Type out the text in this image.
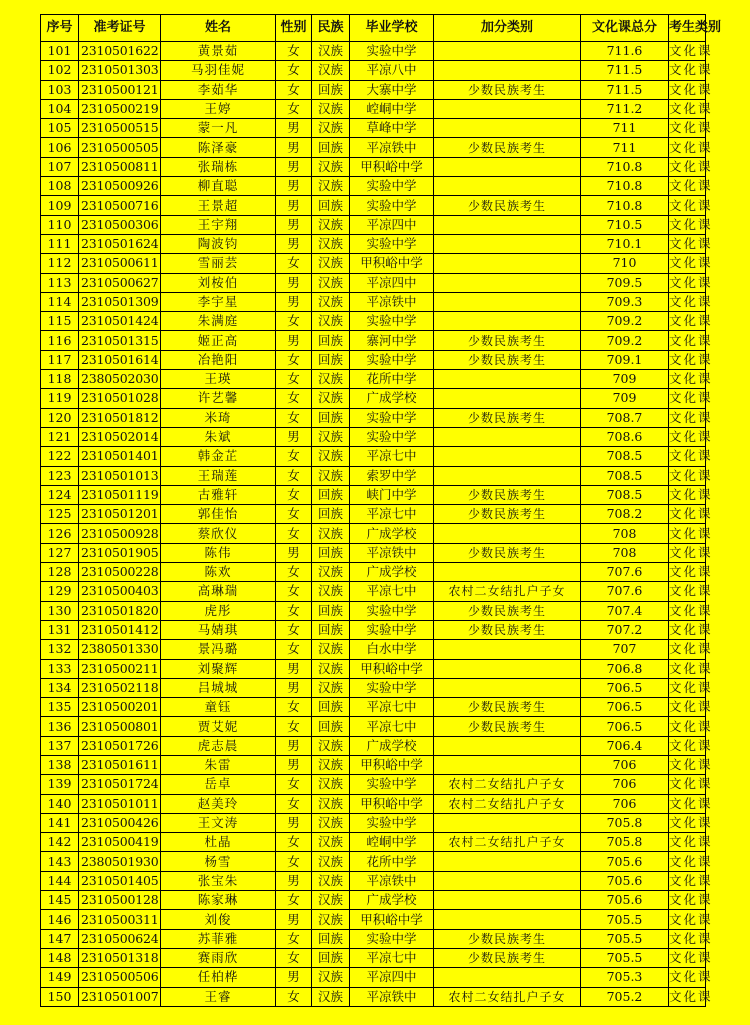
序号	准考证号	姓名	性别	民族	毕业学校	加分类别	文化课总分	考生类别
101	2310501622	黄景茹	女	汉族	实验中学		711.6	文化课
102	2310501303	马羽佳妮	女	汉族	平凉八中		711.5	文化课
103	2310500121	李茹华	女	回族	大寨中学	少数民族考生	711.5	文化课
104	2310500219	王婷	女	汉族	崆峒中学		711.2	文化课
105	2310500515	蒙一凡	男	汉族	草峰中学		711	文化课
106	2310500505	陈泽豪	男	回族	平凉铁中	少数民族考生	711	文化课
107	2310500811	张瑞栋	男	汉族	甲积峪中学		710.8	文化课
108	2310500926	柳直聪	男	汉族	实验中学		710.8	文化课
109	2310500716	王景超	男	回族	实验中学	少数民族考生	710.8	文化课
110	2310500306	王宇翔	男	汉族	平凉四中		710.5	文化课
111	2310501624	陶波钧	男	汉族	实验中学		710.1	文化课
112	2310500611	雪丽芸	女	汉族	甲积峪中学		710	文化课
113	2310500627	刘桉伯	男	汉族	平凉四中		709.5	文化课
114	2310501309	李宇星	男	汉族	平凉铁中		709.3	文化课
115	2310501424	朱满庭	女	汉族	实验中学		709.2	文化课
116	2310501315	姬正高	男	回族	寨河中学	少数民族考生	709.2	文化课
117	2310501614	冶艳阳	女	回族	实验中学	少数民族考生	709.1	文化课
118	2380502030	王瑛	女	汉族	花所中学		709	文化课
119	2310501028	许艺馨	女	汉族	广成学校		709	文化课
120	2310501812	米琦	女	回族	实验中学	少数民族考生	708.7	文化课
121	2310502014	朱斌	男	汉族	实验中学		708.6	文化课
122	2310501401	韩金芷	女	汉族	平凉七中		708.5	文化课
123	2310501013	王瑞莲	女	汉族	索罗中学		708.5	文化课
124	2310501119	古雅轩	女	回族	峡门中学	少数民族考生	708.5	文化课
125	2310501201	郭佳怡	女	回族	平凉七中	少数民族考生	708.2	文化课
126	2310500928	蔡欣仪	女	汉族	广成学校		708	文化课
127	2310501905	陈伟	男	回族	平凉铁中	少数民族考生	708	文化课
128	2310500228	陈欢	女	汉族	广成学校		707.6	文化课
129	2310500403	高琳瑞	女	汉族	平凉七中	农村二女结扎户子女	707.6	文化课
130	2310501820	虎彤	女	回族	实验中学	少数民族考生	707.4	文化课
131	2310501412	马婧琪	女	回族	实验中学	少数民族考生	707.2	文化课
132	2380501330	景冯璐	女	汉族	白水中学		707	文化课
133	2310500211	刘聚辉	男	汉族	甲积峪中学		706.8	文化课
134	2310502118	吕城城	男	汉族	实验中学		706.5	文化课
135	2310500201	童钰	女	回族	平凉七中	少数民族考生	706.5	文化课
136	2310500801	贾艾妮	女	回族	平凉七中	少数民族考生	706.5	文化课
137	2310501726	虎志晨	男	汉族	广成学校		706.4	文化课
138	2310501611	朱雷	男	汉族	甲积峪中学		706	文化课
139	2310501724	岳卓	女	汉族	实验中学	农村二女结扎户子女	706	文化课
140	2310501011	赵美玲	女	汉族	甲积峪中学	农村二女结扎户子女	706	文化课
141	2310500426	王文涛	男	汉族	实验中学		705.8	文化课
142	2310500419	杜晶	女	汉族	崆峒中学	农村二女结扎户子女	705.8	文化课
143	2380501930	杨雪	女	汉族	花所中学		705.6	文化课
144	2310501405	张宝朱	男	汉族	平凉铁中		705.6	文化课
145	2310500128	陈家琳	女	汉族	广成学校		705.6	文化课
146	2310500311	刘俊	男	汉族	甲积峪中学		705.5	文化课
147	2310500624	苏菲雅	女	回族	实验中学	少数民族考生	705.5	文化课
148	2310501318	赛雨欣	女	回族	平凉七中	少数民族考生	705.5	文化课
149	2310500506	任柏桦	男	汉族	平凉四中		705.3	文化课
150	2310501007	王睿	女	汉族	平凉铁中	农村二女结扎户子女	705.2	文化课
